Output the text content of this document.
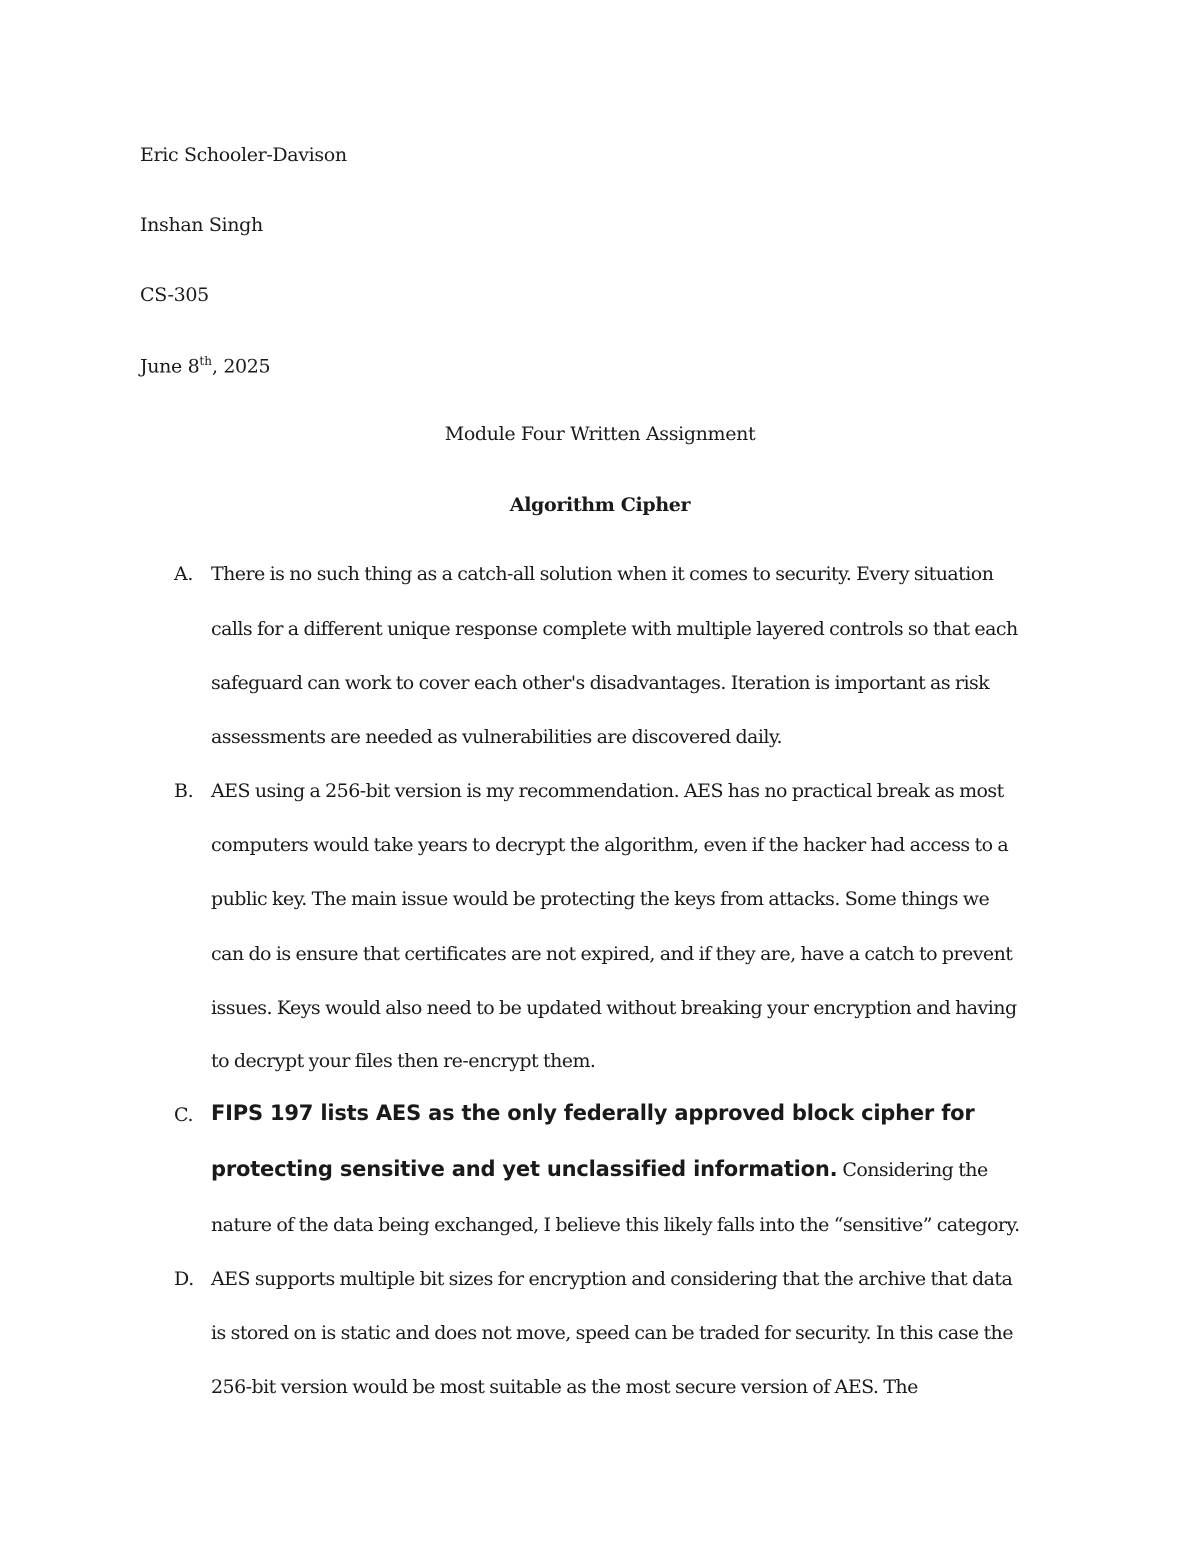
Eric Schooler-Davison
Inshan Singh
CS-305
June 8th, 2025
Module Four Written Assignment
Algorithm Cipher
A. There is no such thing as a catch-all solution when it comes to security. Every situation
calls for a different unique response complete with multiple layered controls so that each
safeguard can work to cover each other's disadvantages. Iteration is important as risk
assessments are needed as vulnerabilities are discovered daily.
B. AES using a 256-bit version is my recommendation. AES has no practical break as most
computers would take years to decrypt the algorithm, even if the hacker had access to a
public key. The main issue would be protecting the keys from attacks. Some things we
can do is ensure that certificates are not expired, and if they are, have a catch to prevent
issues. Keys would also need to be updated without breaking your encryption and having
to decrypt your files then re-encrypt them.
C. FIPS 197 lists AES as the only federally approved block cipher for
protecting sensitive and yet unclassified information. Considering the
nature of the data being exchanged, I believe this likely falls into the “sensitive” category.
D. AES supports multiple bit sizes for encryption and considering that the archive that data
is stored on is static and does not move, speed can be traded for security. In this case the
256-bit version would be most suitable as the most secure version of AES. The
